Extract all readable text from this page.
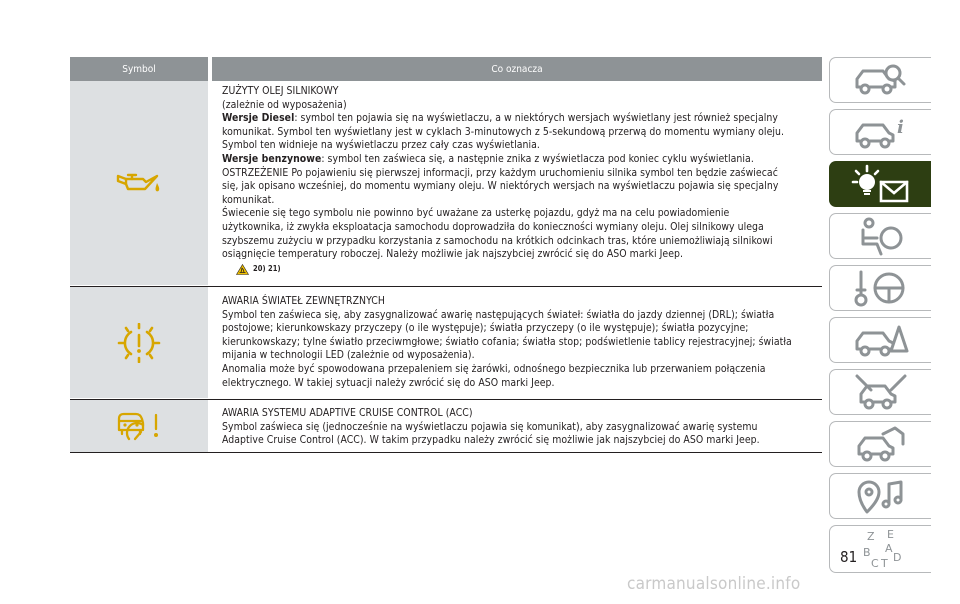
Symbol	Co oznacza

ZUŻYTY OLEJ SILNIKOWY

(zależnie od wyposażenia)

Wersje Diesel: symbol ten pojawia się na wyświetlaczu, a w niektórych wersjach wyświetlany jest również specjalny

komunikat. Symbol ten wyświetlany jest w cyklach 3-minutowych z 5-sekundową przerwą do momentu wymiany oleju.

Symbol ten widnieje na wyświetlaczu przez cały czas wyświetlania.

Wersje benzynowe: symbol ten zaświeca się, a następnie znika z wyświetlacza pod koniec cyklu wyświetlania.

OSTRZEŻENIE Po pojawieniu się pierwszej informacji, przy każdym uruchomieniu silnika symbol ten będzie zaświecać

się, jak opisano wcześniej, do momentu wymiany oleju. W niektórych wersjach na wyświetlaczu pojawia się specjalny

komunikat.

Świecenie się tego symbolu nie powinno być uważane za usterkę pojazdu, gdyż ma na celu powiadomienie

użytkownika, iż zwykła eksploatacja samochodu doprowadziła do konieczności wymiany oleju. Olej silnikowy ulega

szybszemu zużyciu w przypadku korzystania z samochodu na krótkich odcinkach tras, które uniemożliwiają silnikowi

osiągnięcie temperatury roboczej. Należy możliwie jak najszybciej zwrócić się do ASO marki Jeep.

20) 21)

AWARIA ŚWIATEŁ ZEWNĘTRZNYCH

Symbol ten zaświeca się, aby zasygnalizować awarię następujących świateł: światła do jazdy dziennej (DRL); światła

postojowe; kierunkowskazy przyczepy (o ile występuje); światła przyczepy (o ile występuje); światła pozycyjne;

kierunkowskazy; tylne światło przeciwmgłowe; światło cofania; światła stop; podświetlenie tablicy rejestracyjnej; światła

mijania w technologii LED (zależnie od wyposażenia).

Anomalia może być spowodowana przepaleniem się żarówki, odnośnego bezpiecznika lub przerwaniem połączenia

elektrycznego. W takiej sytuacji należy zwrócić się do ASO marki Jeep.

AWARIA SYSTEMU ADAPTIVE CRUISE CONTROL (ACC)

Symbol zaświeca się (jednocześnie na wyświetlaczu pojawia się komunikat), aby zasygnalizować awarię systemu

Adaptive Cruise Control (ACC). W takim przypadku należy zwrócić się możliwie jak najszybciej do ASO marki Jeep.

i
Z E
A
B
C T D
81
carmanualsonline.info
